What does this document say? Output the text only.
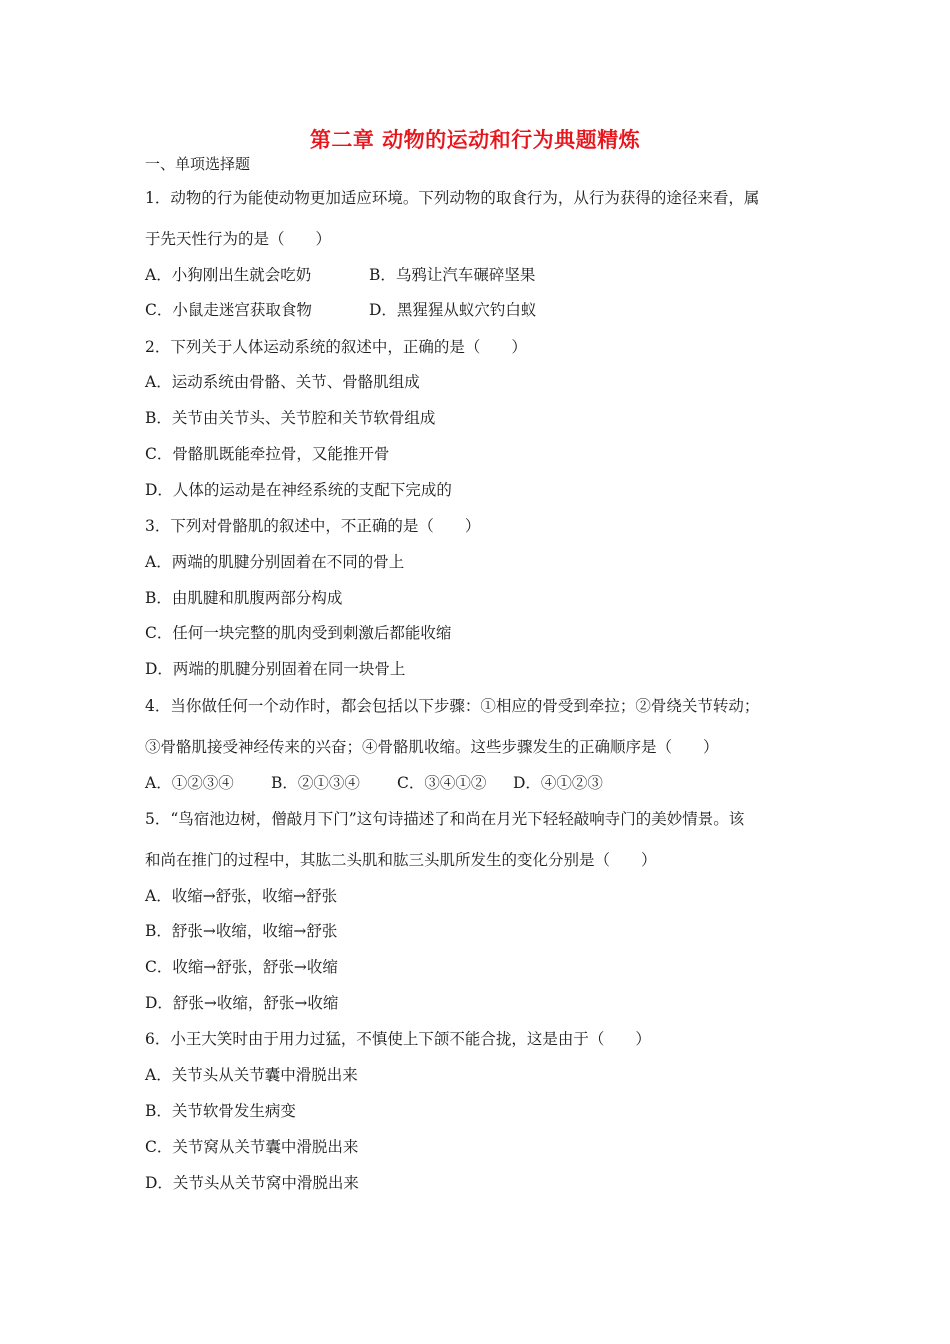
第二章 动物的运动和行为典题精炼
一、单项选择题
1．动物的行为能使动物更加适应环境。下列动物的取食行为，从行为获得的途径来看，属
于先天性行为的是（　　）
A．小狗刚出生就会吃奶	B．乌鸦让汽车碾碎坚果
C．小鼠走迷宫获取食物	D．黑猩猩从蚁穴钓白蚁
2．下列关于人体运动系统的叙述中，正确的是（　　）
A．运动系统由骨骼、关节、骨骼肌组成
B．关节由关节头、关节腔和关节软骨组成
C．骨骼肌既能牵拉骨，又能推开骨
D．人体的运动是在神经系统的支配下完成的
3．下列对骨骼肌的叙述中，不正确的是（　　）
A．两端的肌腱分别固着在不同的骨上
B．由肌腱和肌腹两部分构成
C．任何一块完整的肌肉受到刺激后都能收缩
D．两端的肌腱分别固着在同一块骨上
4．当你做任何一个动作时，都会包括以下步骤：①相应的骨受到牵拉；②骨绕关节转动；
③骨骼肌接受神经传来的兴奋；④骨骼肌收缩。这些步骤发生的正确顺序是（　　）
A．①②③④ B．②①③④ C．③④①② D．④①②③
5．“鸟宿池边树，僧敲月下门”这句诗描述了和尚在月光下轻轻敲响寺门的美妙情景。该
和尚在推门的过程中，其肱二头肌和肱三头肌所发生的变化分别是（　　）
A．收缩→舒张，收缩→舒张
B．舒张→收缩，收缩→舒张
C．收缩→舒张，舒张→收缩
D．舒张→收缩，舒张→收缩
6．小王大笑时由于用力过猛，不慎使上下颌不能合拢，这是由于（　　）
A．关节头从关节囊中滑脱出来
B．关节软骨发生病变
C．关节窝从关节囊中滑脱出来
D．关节头从关节窝中滑脱出来
